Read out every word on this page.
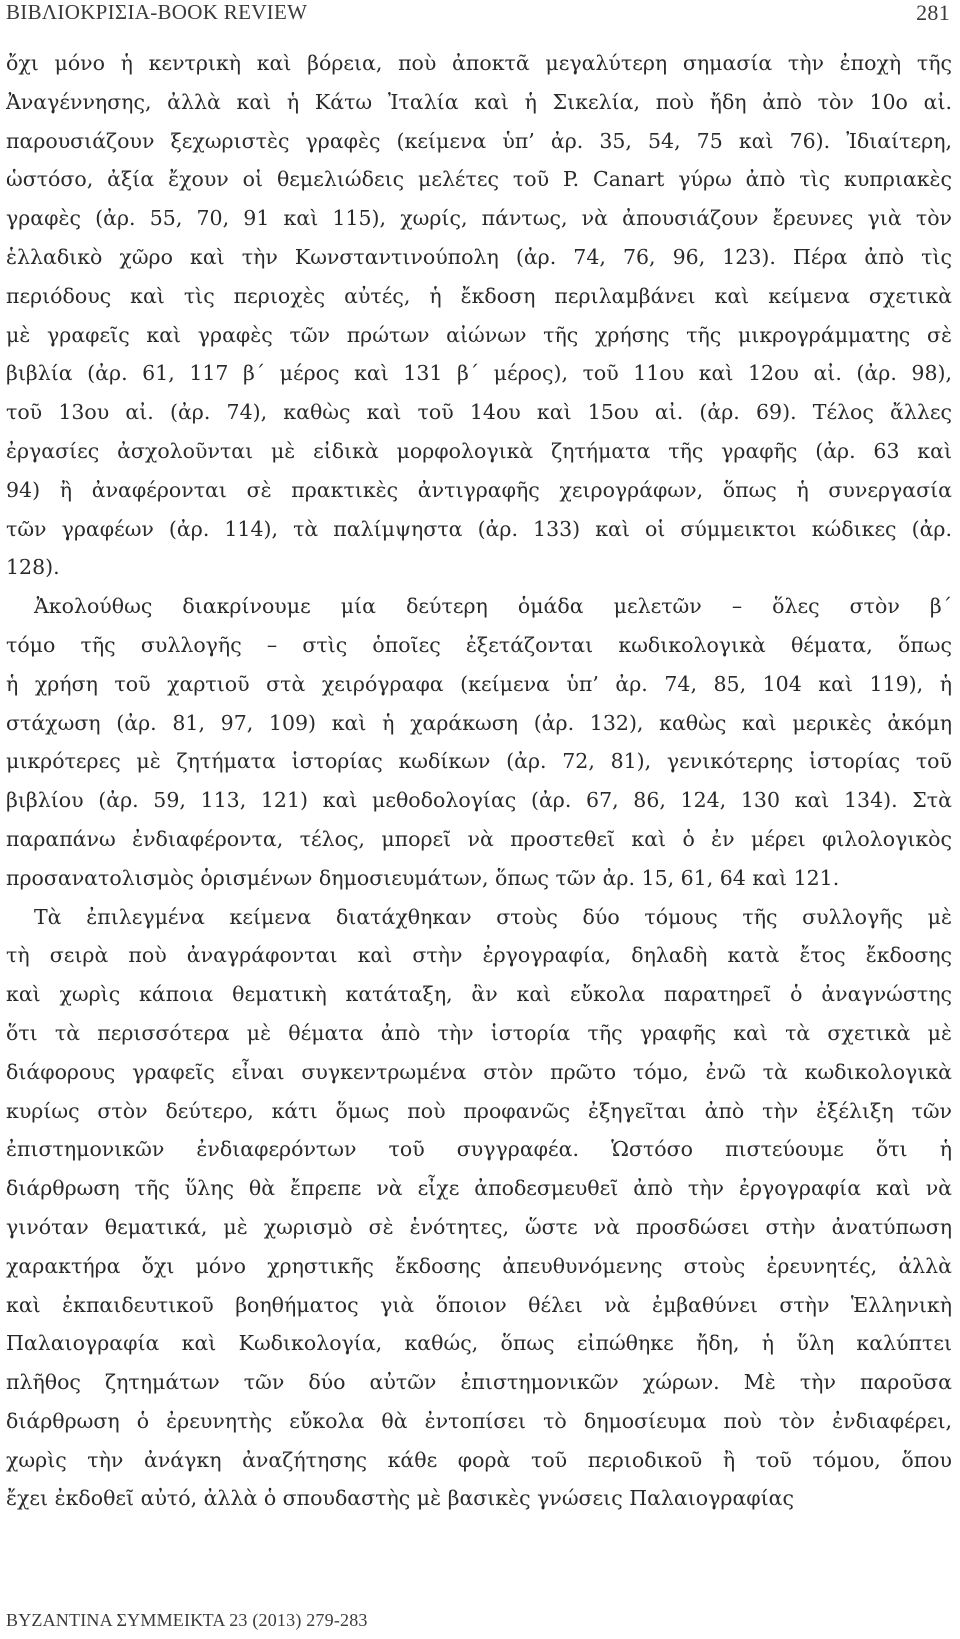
ΒΙΒΛΙΟΚΡΙΣΙΑ-BOOK REVIEW	281
ὄχι μόνο ἡ κεντρικὴ καὶ βόρεια, ποὺ ἀποκτᾶ μεγαλύτερη σημασία τὴν ἐποχὴ τῆς
Ἀναγέννησης, ἀλλὰ καὶ ἡ Κάτω Ἰταλία καὶ ἡ Σικελία, ποὺ ἤδη ἀπὸ τὸν 10ο αἰ.
παρουσιάζουν ξεχωριστὲς γραφὲς (κείμενα ὑπ’ ἀρ. 35, 54, 75 καὶ 76). Ἰδιαίτερη,
ὡστόσο, ἀξία ἔχουν οἱ θεμελιώδεις μελέτες τοῦ P. Canart γύρω ἀπὸ τὶς κυπριακὲς
γραφὲς (ἀρ. 55, 70, 91 καὶ 115), χωρίς, πάντως, νὰ ἀπουσιάζουν ἔρευνες γιὰ τὸν
ἑλλαδικὸ χῶρο καὶ τὴν Κωνσταντινούπολη (ἀρ. 74, 76, 96, 123). Πέρα ἀπὸ τὶς
περιόδους καὶ τὶς περιοχὲς αὐτές, ἡ ἔκδοση περιλαμβάνει καὶ κείμενα σχετικὰ
μὲ γραφεῖς καὶ γραφὲς τῶν πρώτων αἰώνων τῆς χρήσης τῆς μικρογράμματης σὲ
βιβλία (ἀρ. 61, 117 β΄ μέρος καὶ 131 β΄ μέρος), τοῦ 11ου καὶ 12ου αἰ. (ἀρ. 98),
τοῦ 13ου αἰ. (ἀρ. 74), καθὼς καὶ τοῦ 14ου καὶ 15ου αἰ. (ἀρ. 69). Τέλος ἄλλες
ἐργασίες ἀσχολοῦνται μὲ εἰδικὰ μορφολογικὰ ζητήματα τῆς γραφῆς (ἀρ. 63 καὶ
94) ἢ ἀναφέρονται σὲ πρακτικὲς ἀντιγραφῆς χειρογράφων, ὅπως ἡ συνεργασία
τῶν γραφέων (ἀρ. 114), τὰ παλίμψηστα (ἀρ. 133) καὶ οἱ σύμμεικτοι κώδικες (ἀρ.
128).
Ἀκολούθως διακρίνουμε μία δεύτερη ὁμάδα μελετῶν – ὅλες στὸν β΄
τόμο τῆς συλλογῆς – στὶς ὁποῖες ἐξετάζονται κωδικολογικὰ θέματα, ὅπως
ἡ χρήση τοῦ χαρτιοῦ στὰ χειρόγραφα (κείμενα ὑπ’ ἀρ. 74, 85, 104 καὶ 119), ἡ
στάχωση (ἀρ. 81, 97, 109) καὶ ἡ χαράκωση (ἀρ. 132), καθὼς καὶ μερικὲς ἀκόμη
μικρότερες μὲ ζητήματα ἱστορίας κωδίκων (ἀρ. 72, 81), γενικότερης ἱστορίας τοῦ
βιβλίου (ἀρ. 59, 113, 121) καὶ μεθοδολογίας (ἀρ. 67, 86, 124, 130 καὶ 134). Στὰ
παραπάνω ἐνδιαφέροντα, τέλος, μπορεῖ νὰ προστεθεῖ καὶ ὁ ἐν μέρει φιλολογικὸς
προσανατολισμὸς ὁρισμένων δημοσιευμάτων, ὅπως τῶν ἀρ. 15, 61, 64 καὶ 121.
Τὰ ἐπιλεγμένα κείμενα διατάχθηκαν στοὺς δύο τόμους τῆς συλλογῆς μὲ
τὴ σειρὰ ποὺ ἀναγράφονται καὶ στὴν ἐργογραφία, δηλαδὴ κατὰ ἔτος ἔκδοσης
καὶ χωρὶς κάποια θεματικὴ κατάταξη, ἂν καὶ εὔκολα παρατηρεῖ ὁ ἀναγνώστης
ὅτι τὰ περισσότερα μὲ θέματα ἀπὸ τὴν ἱστορία τῆς γραφῆς καὶ τὰ σχετικὰ μὲ
διάφορους γραφεῖς εἶναι συγκεντρωμένα στὸν πρῶτο τόμο, ἐνῶ τὰ κωδικολογικὰ
κυρίως στὸν δεύτερο, κάτι ὅμως ποὺ προφανῶς ἐξηγεῖται ἀπὸ τὴν ἐξέλιξη τῶν
ἐπιστημονικῶν ἐνδιαφερόντων τοῦ συγγραφέα. Ὡστόσο πιστεύουμε ὅτι ἡ
διάρθρωση τῆς ὕλης θὰ ἔπρεπε νὰ εἶχε ἀποδεσμευθεῖ ἀπὸ τὴν ἐργογραφία καὶ νὰ
γινόταν θεματικά, μὲ χωρισμὸ σὲ ἑνότητες, ὥστε νὰ προσδώσει στὴν ἀνατύπωση
χαρακτήρα ὄχι μόνο χρηστικῆς ἔκδοσης ἀπευθυνόμενης στοὺς ἐρευνητές, ἀλλὰ
καὶ ἐκπαιδευτικοῦ βοηθήματος γιὰ ὅποιον θέλει νὰ ἐμβαθύνει στὴν Ἑλληνικὴ
Παλαιογραφία καὶ Κωδικολογία, καθώς, ὅπως εἰπώθηκε ἤδη, ἡ ὕλη καλύπτει
πλῆθος ζητημάτων τῶν δύο αὐτῶν ἐπιστημονικῶν χώρων. Μὲ τὴν παροῦσα
διάρθρωση ὁ ἐρευνητὴς εὔκολα θὰ ἐντοπίσει τὸ δημοσίευμα ποὺ τὸν ἐνδιαφέρει,
χωρὶς τὴν ἀνάγκη ἀναζήτησης κάθε φορὰ τοῦ περιοδικοῦ ἢ τοῦ τόμου, ὅπου
ἔχει ἐκδοθεῖ αὐτό, ἀλλὰ ὁ σπουδαστὴς μὲ βασικὲς γνώσεις Παλαιογραφίας
ΒΥΖΑΝΤΙΝΑ ΣΥΜΜΕΙΚΤΑ 23 (2013) 279-283
